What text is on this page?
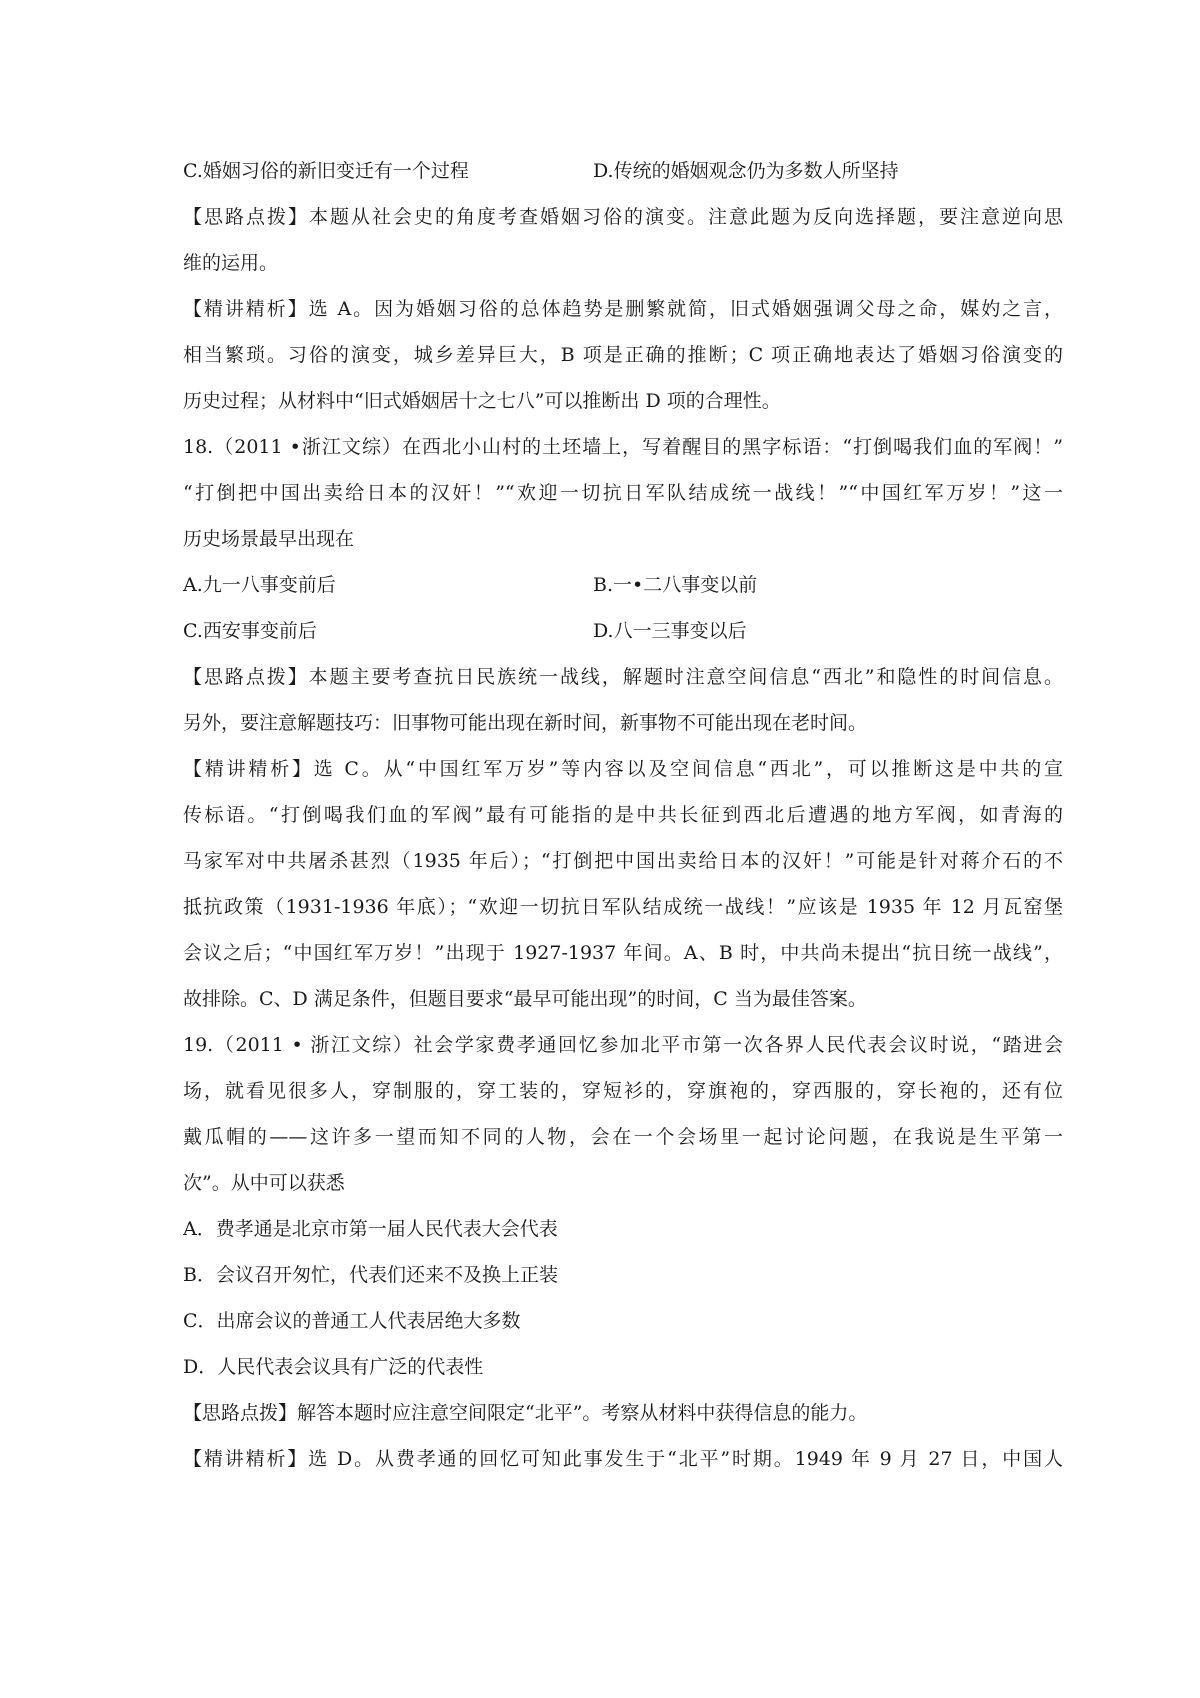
C.婚姻习俗的新旧变迁有一个过程	D.传统的婚姻观念仍为多数人所坚持
【思路点拨】本题从社会史的角度考查婚姻习俗的演变。注意此题为反向选择题，要注意逆向思
维的运用。
【精讲精析】选 A。因为婚姻习俗的总体趋势是删繁就简，旧式婚姻强调父母之命，媒妁之言，
相当繁琐。习俗的演变，城乡差异巨大，B 项是正确的推断；C 项正确地表达了婚姻习俗演变的
历史过程；从材料中“旧式婚姻居十之七八”可以推断出 D 项的合理性。
18.（2011 •浙江文综）在西北小山村的土坯墙上，写着醒目的黑字标语：“打倒喝我们血的军阀！”
“打倒把中国出卖给日本的汉奸！”“欢迎一切抗日军队结成统一战线！”“中国红军万岁！”这一
历史场景最早出现在
A.九一八事变前后	B.一•二八事变以前
C.西安事变前后	D.八一三事变以后
【思路点拨】本题主要考查抗日民族统一战线，解题时注意空间信息“西北”和隐性的时间信息。
另外，要注意解题技巧：旧事物可能出现在新时间，新事物不可能出现在老时间。
【精讲精析】选 C。从“中国红军万岁”等内容以及空间信息“西北”，可以推断这是中共的宣
传标语。“打倒喝我们血的军阀”最有可能指的是中共长征到西北后遭遇的地方军阀，如青海的
马家军对中共屠杀甚烈（1935 年后）；“打倒把中国出卖给日本的汉奸！”可能是针对蒋介石的不
抵抗政策（1931-1936 年底）；“欢迎一切抗日军队结成统一战线！”应该是 1935 年 12 月瓦窑堡
会议之后；“中国红军万岁！”出现于 1927-1937 年间。A、B 时，中共尚未提出“抗日统一战线”，
故排除。C、D 满足条件，但题目要求“最早可能出现”的时间，C 当为最佳答案。
19.（2011 • 浙江文综）社会学家费孝通回忆参加北平市第一次各界人民代表会议时说，“踏进会
场，就看见很多人，穿制服的，穿工装的，穿短衫的，穿旗袍的，穿西服的，穿长袍的，还有位
戴瓜帽的——这许多一望而知不同的人物，会在一个会场里一起讨论问题，在我说是生平第一
次”。从中可以获悉
A．费孝通是北京市第一届人民代表大会代表
B．会议召开匆忙，代表们还来不及换上正装
C．出席会议的普通工人代表居绝大多数
D．人民代表会议具有广泛的代表性
【思路点拨】解答本题时应注意空间限定“北平”。考察从材料中获得信息的能力。
【精讲精析】选 D。从费孝通的回忆可知此事发生于“北平”时期。1949 年 9 月 27 日，中国人
